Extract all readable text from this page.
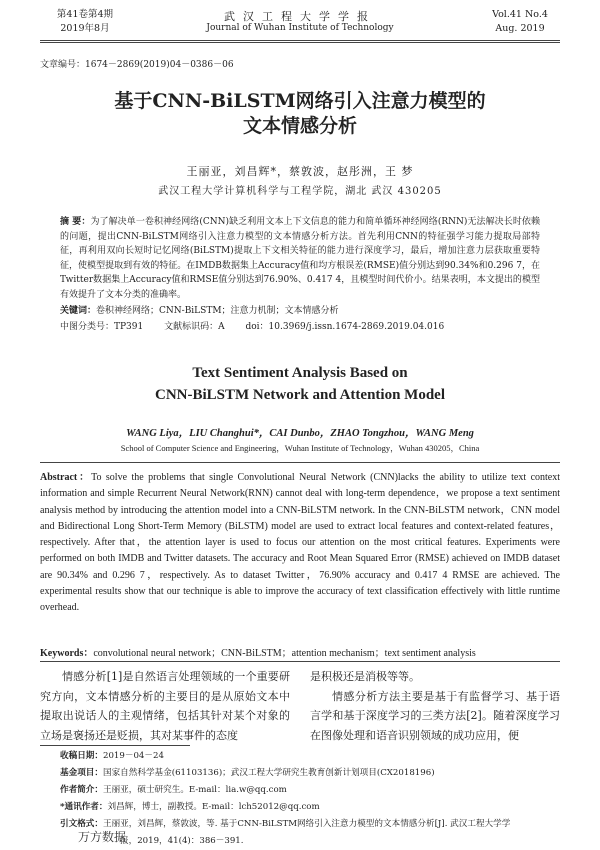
第41卷第4期
2019年8月
武汉工程大学学报
Journal of Wuhan Institute of Technology
Vol.41 No.4
Aug. 2019
文章编号：1674－2869(2019)04－0386－06
基于CNN-BiLSTM网络引入注意力模型的
文本情感分析
王丽亚，刘昌辉*，蔡敦波，赵彤洲，王 梦
武汉工程大学计算机科学与工程学院，湖北 武汉 430205
摘 要：为了解决单一卷积神经网络(CNN)缺乏利用文本上下文信息的能力和简单循环神经网络(RNN)无法解决长时依赖的问题，提出CNN-BiLSTM网络引入注意力模型的文本情感分析方法。首先利用CNN的特征强学习能力提取局部特征，再利用双向长短时记忆网络(BiLSTM)提取上下文相关特征的能力进行深度学习，最后，增加注意力层获取重要特征，使模型提取到有效的特征。在IMDB数据集上Accuracy值和均方根误差(RMSE)值分别达到90.34%和0.296 7，在Twitter数据集上Accuracy值和RMSE值分别达到76.90%、0.417 4，且模型时间代价小。结果表明，本文提出的模型有效提升了文本分类的准确率。
关键词：卷积神经网络；CNN-BiLSTM；注意力机制；文本情感分析
中图分类号：TP391 文献标识码：A doi：10.3969/j.issn.1674-2869.2019.04.016
Text Sentiment Analysis Based on
CNN-BiLSTM Network and Attention Model
WANG Liya，LIU Changhui*，CAI Dunbo，ZHAO Tongzhou，WANG Meng
School of Computer Science and Engineering，Wuhan Institute of Technology，Wuhan 430205，China
Abstract：To solve the problems that single Convolutional Neural Network (CNN)lacks the ability to utilize text context information and simple Recurrent Neural Network(RNN) cannot deal with long-term dependence，we propose a text sentiment analysis method by introducing the attention model into a CNN-BiLSTM network. In the CNN-BiLSTM network，CNN model and Bidirectional Long Short-Term Memory (BiLSTM) model are used to extract local features and context-related features，respectively. After that，the attention layer is used to focus our attention on the most critical features. Experiments were performed on both IMDB and Twitter datasets. The accuracy and Root Mean Squared Error (RMSE) achieved on IMDB dataset are 90.34% and 0.296 7，respectively. As to dataset Twitter，76.90% accuracy and 0.417 4 RMSE are achieved. The experimental results show that our technique is able to improve the accuracy of text classification effectively with little runtime overhead.
Keywords：convolutional neural network；CNN-BiLSTM；attention mechanism；text sentiment analysis
情感分析[1]是自然语言处理领域的一个重要研究方向，文本情感分析的主要目的是从原始文本中提取出说话人的主观情绪，包括其针对某个对象的立场是褒扬还是贬损，其对某事件的态度
是积极还是消极等等。
情感分析方法主要是基于有监督学习、基于语言学和基于深度学习的三类方法[2]。随着深度学习在图像处理和语音识别领域的成功应用，便
收稿日期：2019－04－24
基金项目：国家自然科学基金(61103136)；武汉工程大学研究生教育创新计划项目(CX2018196)
作者简介：王丽亚，硕士研究生。E-mail：lia.w@qq.com
*通讯作者：刘昌辉，博士，副教授。E-mail：lch52012@qq.com
引文格式：王丽亚，刘昌辉，蔡敦波，等. 基于CNN-BiLSTM网络引入注意力模型的文本情感分析[J]. 武汉工程大学学
报，2019，41(4)：386－391.
万方数据
